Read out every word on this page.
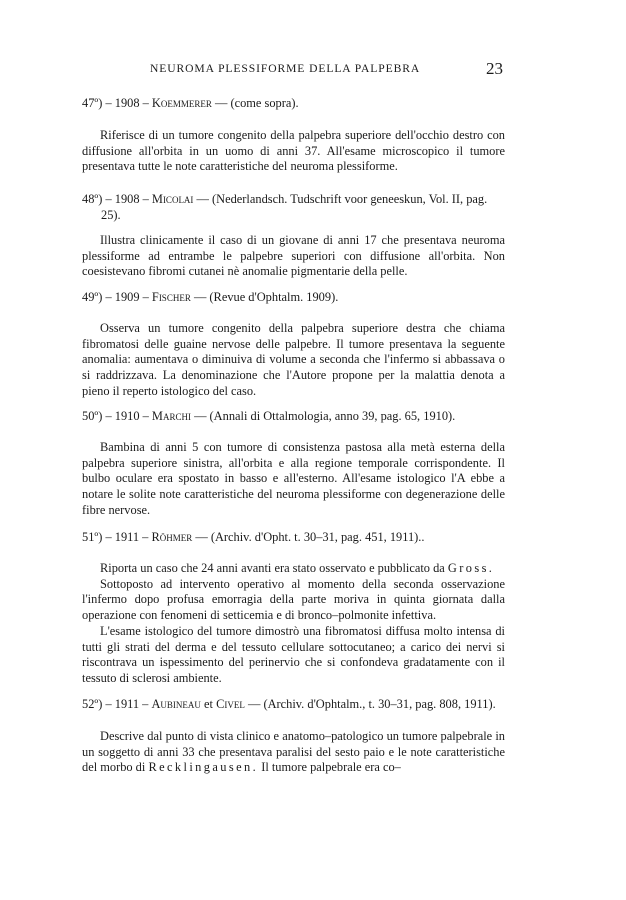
NEUROMA PLESSIFORME DELLA PALPEBRA	23
47º) – 1908 – Koemmerer — (come sopra).

Riferisce di un tumore congenito della palpebra superiore dell'occhio destro con diffusione all'orbita in un uomo di anni 37. All'esame microscopico il tumore presentava tutte le note caratteristiche del neuroma plessiforme.

48º) – 1908 – Micolai — (Nederlandsch. Tudschrift voor geneeskun, Vol. II, pag. 25).

Illustra clinicamente il caso di un giovane di anni 17 che presentava neuroma plessiforme ad entrambe le palpebre superiori con diffusione all'orbita. Non coesistevano fibromi cutanei nè anomalie pigmentarie della pelle.

49º) – 1909 – Fischer — (Revue d'Ophtalm. 1909).

Osserva un tumore congenito della palpebra superiore destra che chiama fibromatosi delle guaine nervose delle palpebre. Il tumore presentava la seguente anomalia: aumentava o diminuiva di volume a seconda che l'infermo si abbassava o si raddrizzava. La denominazione che l'Autore propone per la malattia denota a pieno il reperto istologico del caso.

50º) – 1910 – Marchi — (Annali di Ottalmologia, anno 39, pag. 65, 1910).

Bambina di anni 5 con tumore di consistenza pastosa alla metà esterna della palpebra superiore sinistra, all'orbita e alla regione temporale corrispondente. Il bulbo oculare era spostato in basso e all'esterno. All'esame istologico l'A ebbe a notare le solite note caratteristiche del neuroma plessiforme con degenerazione delle fibre nervose.

51º) – 1911 – Röhmer — (Archiv. d'Opht. t. 30–31, pag. 451, 1911)..

Riporta un caso che 24 anni avanti era stato osservato e pubblicato da Gross.

Sottoposto ad intervento operativo al momento della seconda osservazione l'infermo dopo profusa emorragia della parte moriva in quinta giornata dalla operazione con fenomeni di setticemia e di bronco–polmonite infettiva.

L'esame istologico del tumore dimostrò una fibromatosi diffusa molto intensa di tutti gli strati del derma e del tessuto cellulare sottocutaneo; a carico dei nervi si riscontrava un ispessimento del perinervio che si confondeva gradatamente con il tessuto di sclerosi ambiente.

52º) – 1911 – Aubineau et Civel — (Archiv. d'Ophtalm., t. 30–31, pag. 808, 1911).

Descrive dal punto di vista clinico e anatomo–patologico un tumore palpebrale in un soggetto di anni 33 che presentava paralisi del sesto paio e le note caratteristiche del morbo di Recklingausen. Il tumore palpebrale era co–
